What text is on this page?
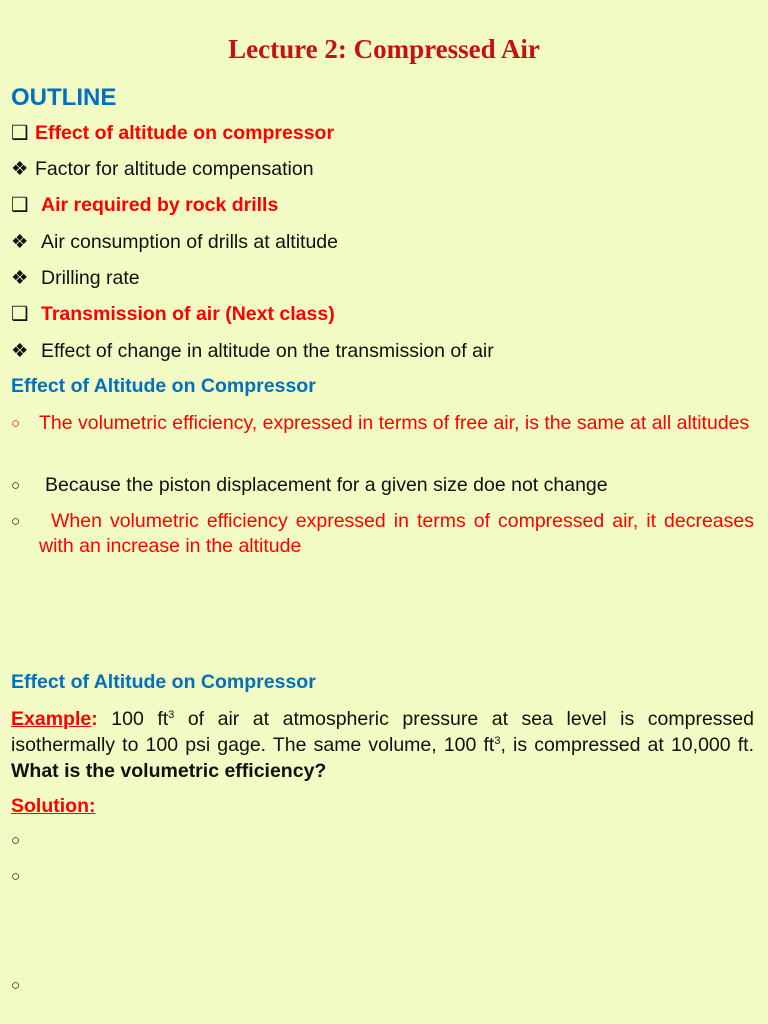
Lecture 2: Compressed Air
OUTLINE
❑ Effect of altitude on compressor
❖ Factor for altitude compensation
❑ Air required by rock drills
❖ Air consumption of drills at altitude
❖ Drilling rate
❑ Transmission of air (Next class)
❖ Effect of change in altitude on the transmission of air
Effect of Altitude on Compressor
○ The volumetric efficiency, expressed in terms of free air, is the same at all altitudes
○	Because the piston displacement for a given size doe not change
○	When volumetric efficiency expressed in terms of compressed air, it decreases with an increase in the altitude
Effect of Altitude on Compressor
Example: 100 $ft^3$ of air at atmospheric pressure at sea level is compressed isothermally to 100 psi gage. The same volume, 100 $ft^3$, is compressed at 10,000 ft. What is the volumetric efficiency?
Solution:
○
○
○
